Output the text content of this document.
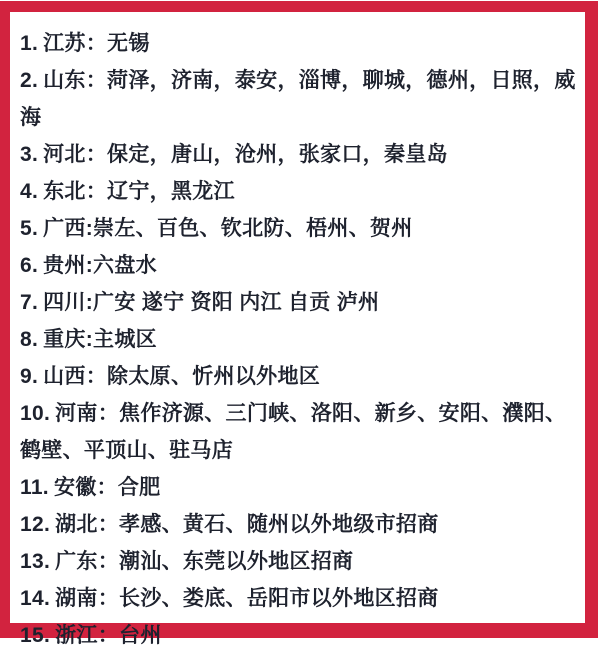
1. 江苏：无锡
2. 山东：菏泽，济南，泰安，淄博，聊城，德州，日照，威海
3. 河北：保定，唐山，沧州，张家口，秦皇岛
4. 东北：辽宁，黑龙江
5. 广西:崇左、百色、钦北防、梧州、贺州
6. 贵州:六盘水
7. 四川:广安 遂宁 资阳 内江 自贡 泸州
8. 重庆:主城区
9. 山西：除太原、忻州以外地区
10. 河南：焦作济源、三门峡、洛阳、新乡、安阳、濮阳、鹤壁、平顶山、驻马店
11. 安徽：合肥
12. 湖北：孝感、黄石、随州以外地级市招商
13. 广东：潮汕、东莞以外地区招商
14. 湖南：长沙、娄底、岳阳市以外地区招商
15. 浙江：台州
